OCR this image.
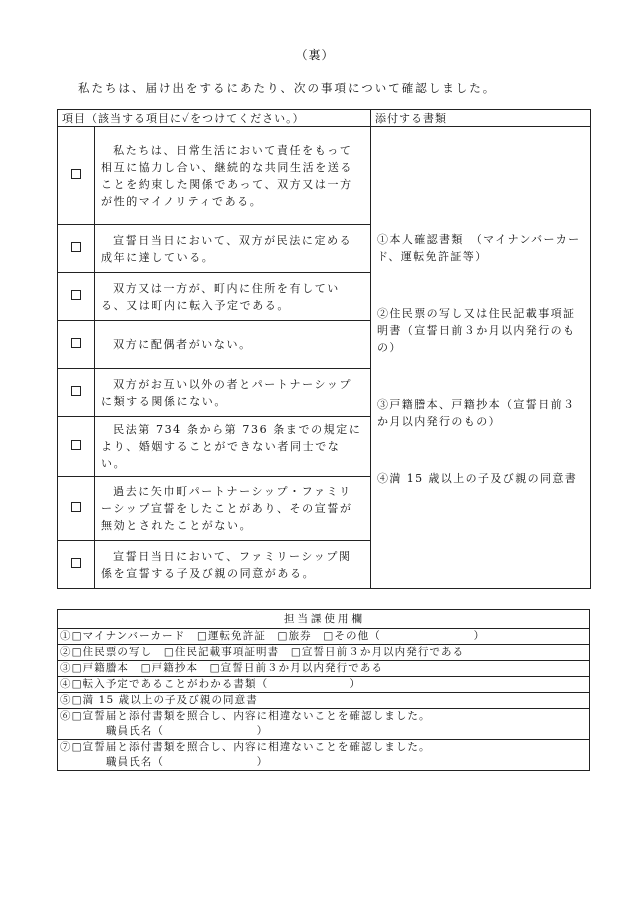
（裏）
私たちは、届け出をするにあたり、次の事項について確認しました。
項目（該当する項目に✓をつけてください。）		添付する書類
	私たちは、日常生活において責任をもって相互に協力し合い、継続的な共同生活を送ることを約束した関係であって、双方又は一方が性的マイノリティである。	①本人確認書類　（マイナンバーカード、運転免許証等）

②住民票の写し又は住民記載事項証明書（宣誓日前３か月以内発行のもの）

③戸籍謄本、戸籍抄本（宣誓日前３か月以内発行のもの）

④満 15 歳以上の子及び親の同意書

	宣誓日当日において、双方が民法に定める成年に達している。	
	双方又は一方が、町内に住所を有している、又は町内に転入予定である。	
	双方に配偶者がいない。	
	双方がお互い以外の者とパートナーシップに類する関係にない。	
	民法第 734 条から第 736 条までの規定により、婚姻することができない者同士でない。	
	過去に矢巾町パートナーシップ・ファミリーシップ宣誓をしたことがあり、その宣誓が無効とされたことがない。	
	宣誓日当日において、ファミリーシップ関係を宣誓する子及び親の同意がある。	
担当課使用欄
①□マイナンバーカード　□運転免許証　□旅券　□その他（　　　　　　　　）
②□住民票の写し　□住民記載事項証明書　□宣誓日前３か月以内発行である
③□戸籍謄本　□戸籍抄本　□宣誓日前３か月以内発行である
④□転入予定であることがわかる書類（　　　　　　　）
⑤□満 15 歳以上の子及び親の同意書

⑥□宣誓届と添付書類を照合し、内容に相違ないことを確認しました。
職員氏名（　　　　　　　　）

⑦□宣誓届と添付書類を照合し、内容に相違ないことを確認しました。
職員氏名（　　　　　　　　）
